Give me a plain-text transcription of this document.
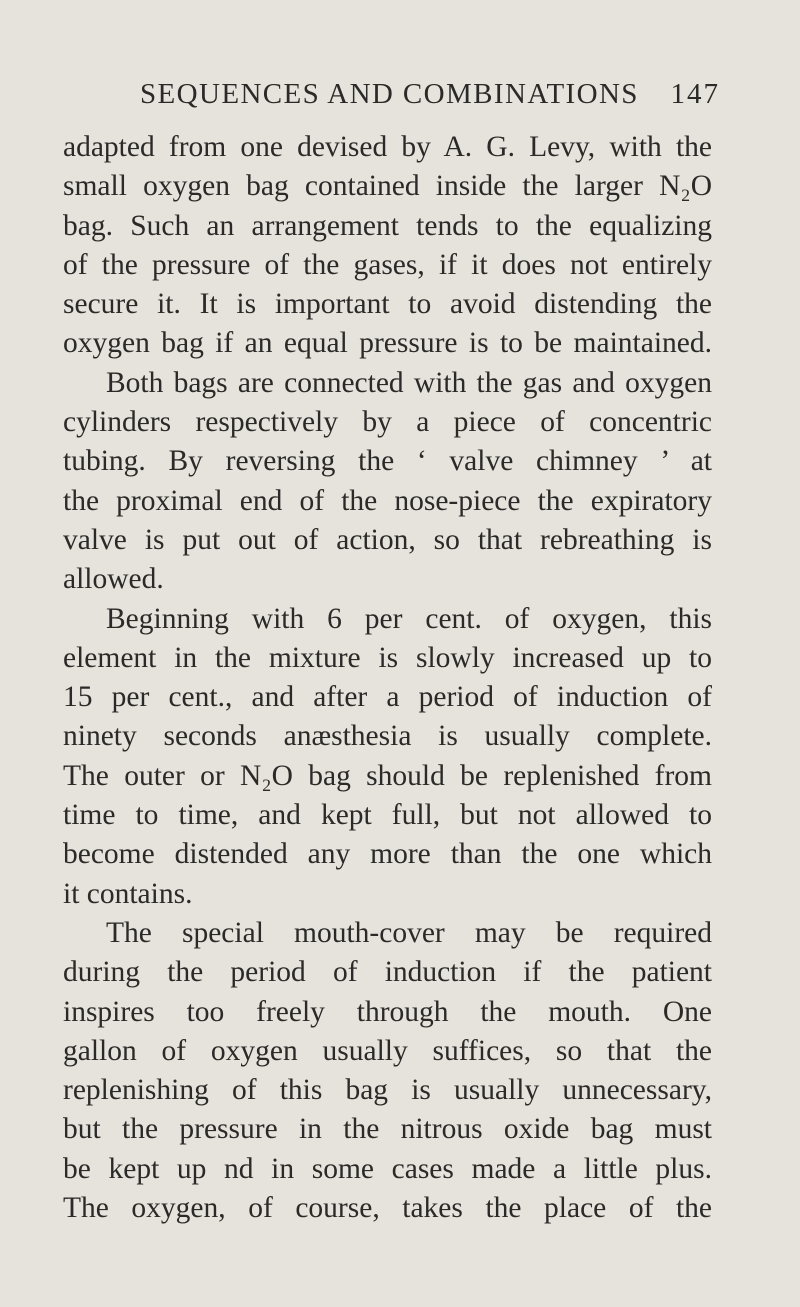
SEQUENCES AND COMBINATIONS 147
adapted from one devised by A. G. Levy, with the
small oxygen bag contained inside the larger N₂O
bag. Such an arrangement tends to the equalizing
of the pressure of the gases, if it does not entirely
secure it. It is important to avoid distending the
oxygen bag if an equal pressure is to be maintained.
Both bags are connected with the gas and oxygen
cylinders respectively by a piece of concentric
tubing. By reversing the ‘ valve chimney ’ at
the proximal end of the nose-piece the expiratory
valve is put out of action, so that rebreathing is
allowed.
Beginning with 6 per cent. of oxygen, this
element in the mixture is slowly increased up to
15 per cent., and after a period of induction of
ninety seconds anæsthesia is usually complete.
The outer or N₂O bag should be replenished from
time to time, and kept full, but not allowed to
become distended any more than the one which
it contains.
The special mouth-cover may be required
during the period of induction if the patient
inspires too freely through the mouth. One
gallon of oxygen usually suffices, so that the
replenishing of this bag is usually unnecessary,
but the pressure in the nitrous oxide bag must
be kept up nd in some cases made a little plus.
The oxygen, of course, takes the place of the
